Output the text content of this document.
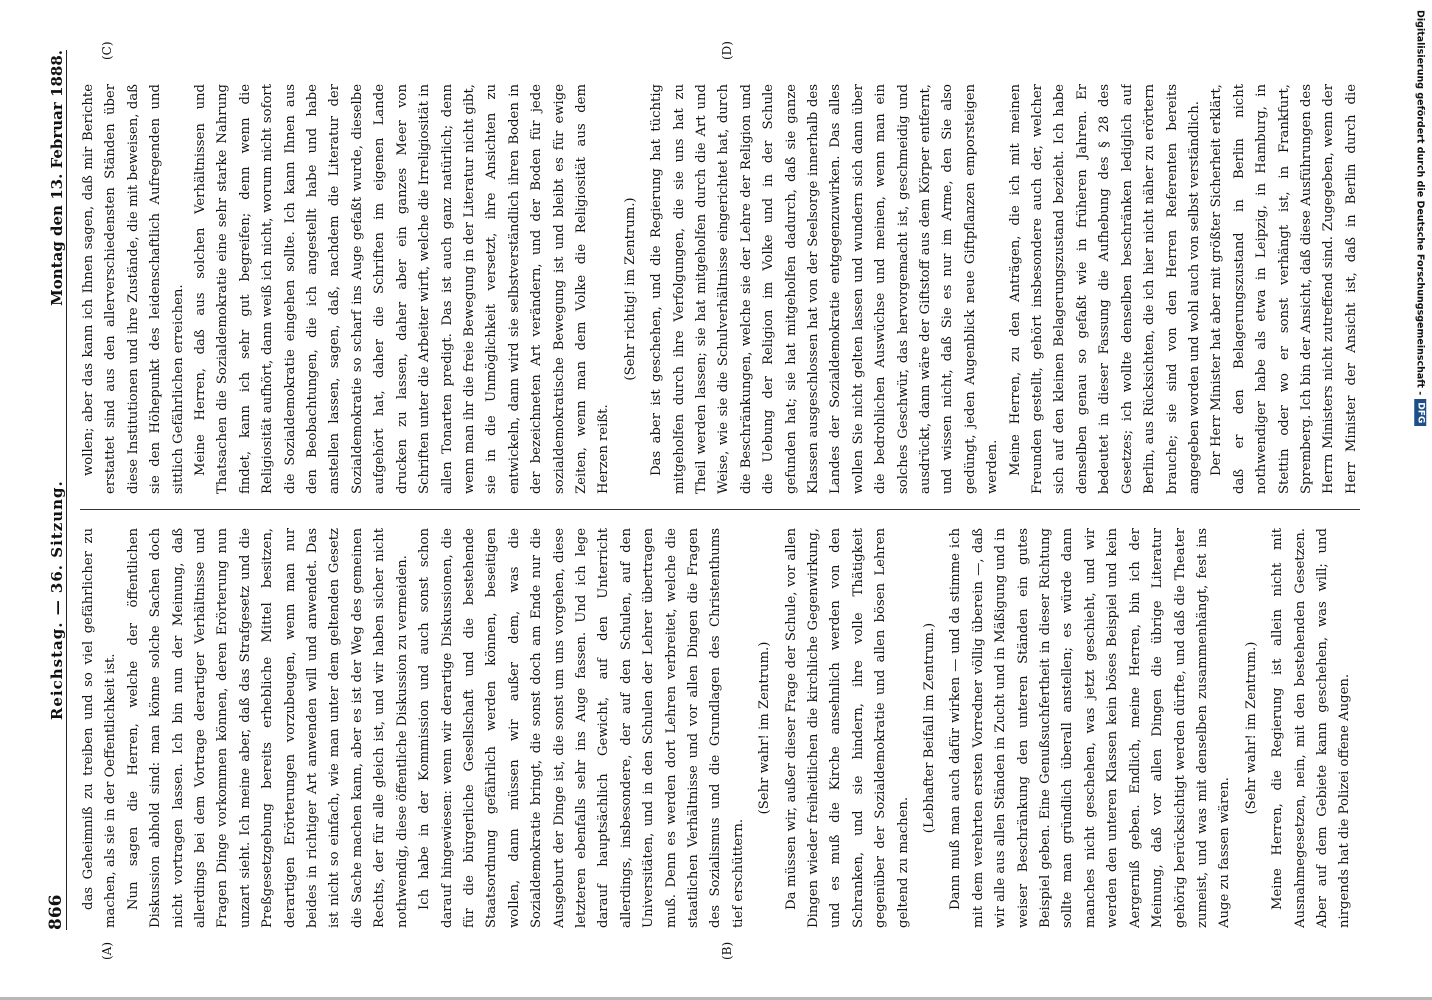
866
Reichstag. — 36. Sitzung.
Montag den 13. Februar 1888.
(A)	(B)
(C)	(D)

das Geheimniß zu treiben und so viel gefährlicher zu machen, als sie in der Oeffentlichkeit ist. Nun sagen die Herren, welche der öffentlichen Diskussion abhold sind: man könne solche Sachen doch nicht vortragen lassen. Ich bin nun der Meinung, daß allerdings bei dem Vortrage derartiger Verhältnisse und Fragen Dinge vorkommen können, deren Erörterung nun unzart sieht. Ich meine aber, daß das Strafgesetz und die Preßgesetzgebung bereits erhebliche Mittel besitzen, derartigen Erörterungen vorzubeugen, wenn man nur beides in richtiger Art anwenden will und anwendet. Das ist nicht so einfach, wie man unter dem geltenden Gesetz die Sache machen kann, aber es ist der Weg des gemeinen Rechts, der für alle gleich ist, und wir haben sicher nicht nothwendig, diese öffentliche Diskussion zu vermeiden. Ich habe in der Kommission und auch sonst schon darauf hingewiesen: wenn wir derartige Diskussionen, die für die bürgerliche Gesellschaft und die bestehende Staatsordnung gefährlich werden können, beseitigen wollen, dann müssen wir außer dem, was die Sozialdemokratie bringt, die sonst doch am Ende nur die Ausgeburt der Dinge ist, die sonst um uns vorgehen, diese letzteren ebenfalls sehr ins Auge fassen. Und ich lege darauf hauptsächlich Gewicht, auf den Unterricht allerdings, insbesondere, der auf den Schulen, auf den Universitäten, und in den Schulen der Lehrer übertragen muß. Denn es werden dort Lehren verbreitet, welche die staatlichen Verhältnisse und vor allen Dingen die Fragen des Sozialismus und die Grundlagen des Christenthums tief erschüttern.

(Sehr wahr! im Zentrum.) Da müssen wir, außer dieser Frage der Schule, vor allen Dingen wieder freiheitlichen die kirchliche Gegenwirkung, und es muß die Kirche ansehnlich werden von den Schranken, und sie hindern, ihre volle Thätigkeit gegenüber der Sozialdemokratie und allen bösen Lehren geltend zu machen.

(Lebhafter Beifall im Zentrum.) Dann muß man auch dafür wirken — und da stimme ich mit dem verehrten ersten Vorredner völlig überein —, daß wir alle aus allen Ständen in Zucht und in Mäßigung und in weiser Beschränkung den unteren Ständen ein gutes Beispiel geben. Eine Genußsuchfertheit in dieser Richtung sollte man gründlich überall anstellen; es würde dann manches nicht geschehen, was jetzt geschieht, und wir werden den unteren Klassen kein böses Beispiel und kein Aergerniß geben. Endlich, meine Herren, bin ich der Meinung, daß vor allen Dingen die übrige Literatur gehörig berücksichtigt werden dürfte, und daß die Theater zumeist, und was mit denselben zusammenhängt, fest ins Auge zu fassen wären.

(Sehr wahr! im Zentrum.) Meine Herren, die Regierung ist allein nicht mit Ausnahmegesetzen, nein, mit den bestehenden Gesetzen. Aber auf dem Gebiete kann geschehen, was will; und nirgends hat die Polizei offene Augen.

wollen; aber das kann ich Ihnen sagen, daß mir Berichte erstattet sind aus den allerverschiedensten Ständen über diese Institutionen und ihre Zustände, die mit beweisen, daß sie den Höhepunkt des leidenschaftlich Aufregenden und sittlich Gefährlichen erreichen. Meine Herren, daß aus solchen Verhältnissen und Thatsachen die Sozialdemokratie eine sehr starke Nahrung findet, kann ich sehr gut begreifen; denn wenn die Religiosität aufhört, dann weiß ich nicht, worum nicht sofort die Sozialdemokratie eingehen sollte. Ich kann Ihnen aus den Beobachtungen, die ich angestellt habe und habe anstellen lassen, sagen, daß, nachdem die Literatur der Sozialdemokratie so scharf ins Auge gefaßt wurde, dieselbe aufgehört hat, daher die Schriften im eigenen Lande drucken zu lassen, daher aber ein ganzes Meer von Schriften unter die Arbeiter wirft, welche die Irreligiosität in allen Tonarten predigt. Das ist auch ganz natürlich; denn wenn man ihr die freie Bewegung in der Literatur nicht gibt, sie in die Unmöglichkeit versetzt, ihre Ansichten zu entwickeln, dann wird sie selbstverständlich ihren Boden in der bezeichneten Art verändern, und der Boden für jede sozialdemokratische Bewegung ist und bleibt es für ewige Zeiten, wenn man dem Volke die Religiosität aus dem Herzen reißt.

(Sehr richtig! im Zentrum.) Das aber ist geschehen, und die Regierung hat tüchtig mitgeholfen durch ihre Verfolgungen, die sie uns hat zu Theil werden lassen; sie hat mitgeholfen durch die Art und Weise, wie sie die Schulverhältnisse eingerichtet hat, durch die Beschränkungen, welche sie der Lehre der Religion und die Uebung der Religion im Volke und in der Schule gefunden hat; sie hat mitgeholfen dadurch, daß sie ganze Klassen ausgeschlossen hat von der Seelsorge innerhalb des Landes der Sozialdemokratie entgegenzuwirken. Das alles wollen Sie nicht gelten lassen und wundern sich dann über die bedrohlichen Auswüchse und meinen, wenn man ein solches Geschwür, das hervorgemacht ist, geschmeidig und ausdrückt, dann wäre der Giftstoff aus dem Körper entfernt, und wissen nicht, daß Sie es nur im Arme, den Sie also gedüngt, jeden Augenblick neue Giftpflanzen emporsteigen werden. Meine Herren, zu den Anträgen, die ich mit meinen Freunden gestellt, gehört insbesondere auch der, welcher sich auf den kleinen Belagerungszustand bezieht. Ich habe denselben genau so gefaßt wie in früheren Jahren. Er bedeutet in dieser Fassung die Aufhebung des § 28 des Gesetzes; ich wollte denselben beschränken lediglich auf Berlin, aus Rücksichten, die ich hier nicht näher zu erörtern brauche; sie sind von den Herren Referenten bereits angegeben worden und wohl auch von selbst verständlich. Der Herr Minister hat aber mit größter Sicherheit erklärt, daß er den Belagerungszustand in Berlin nicht nothwendiger habe als etwa in Leipzig, in Hamburg, in Stettin oder wo er sonst verhängt ist, in Frankfurt, Spremberg. Ich bin der Ansicht, daß diese Ausführungen des Herrn Ministers nicht zutreffend sind. Zugegeben, wenn der Herr Minister der Ansicht ist, daß in Berlin durch die	Digitalisierung gefördert durch die Deutsche Forschungsgemeinschaft -
DFG
